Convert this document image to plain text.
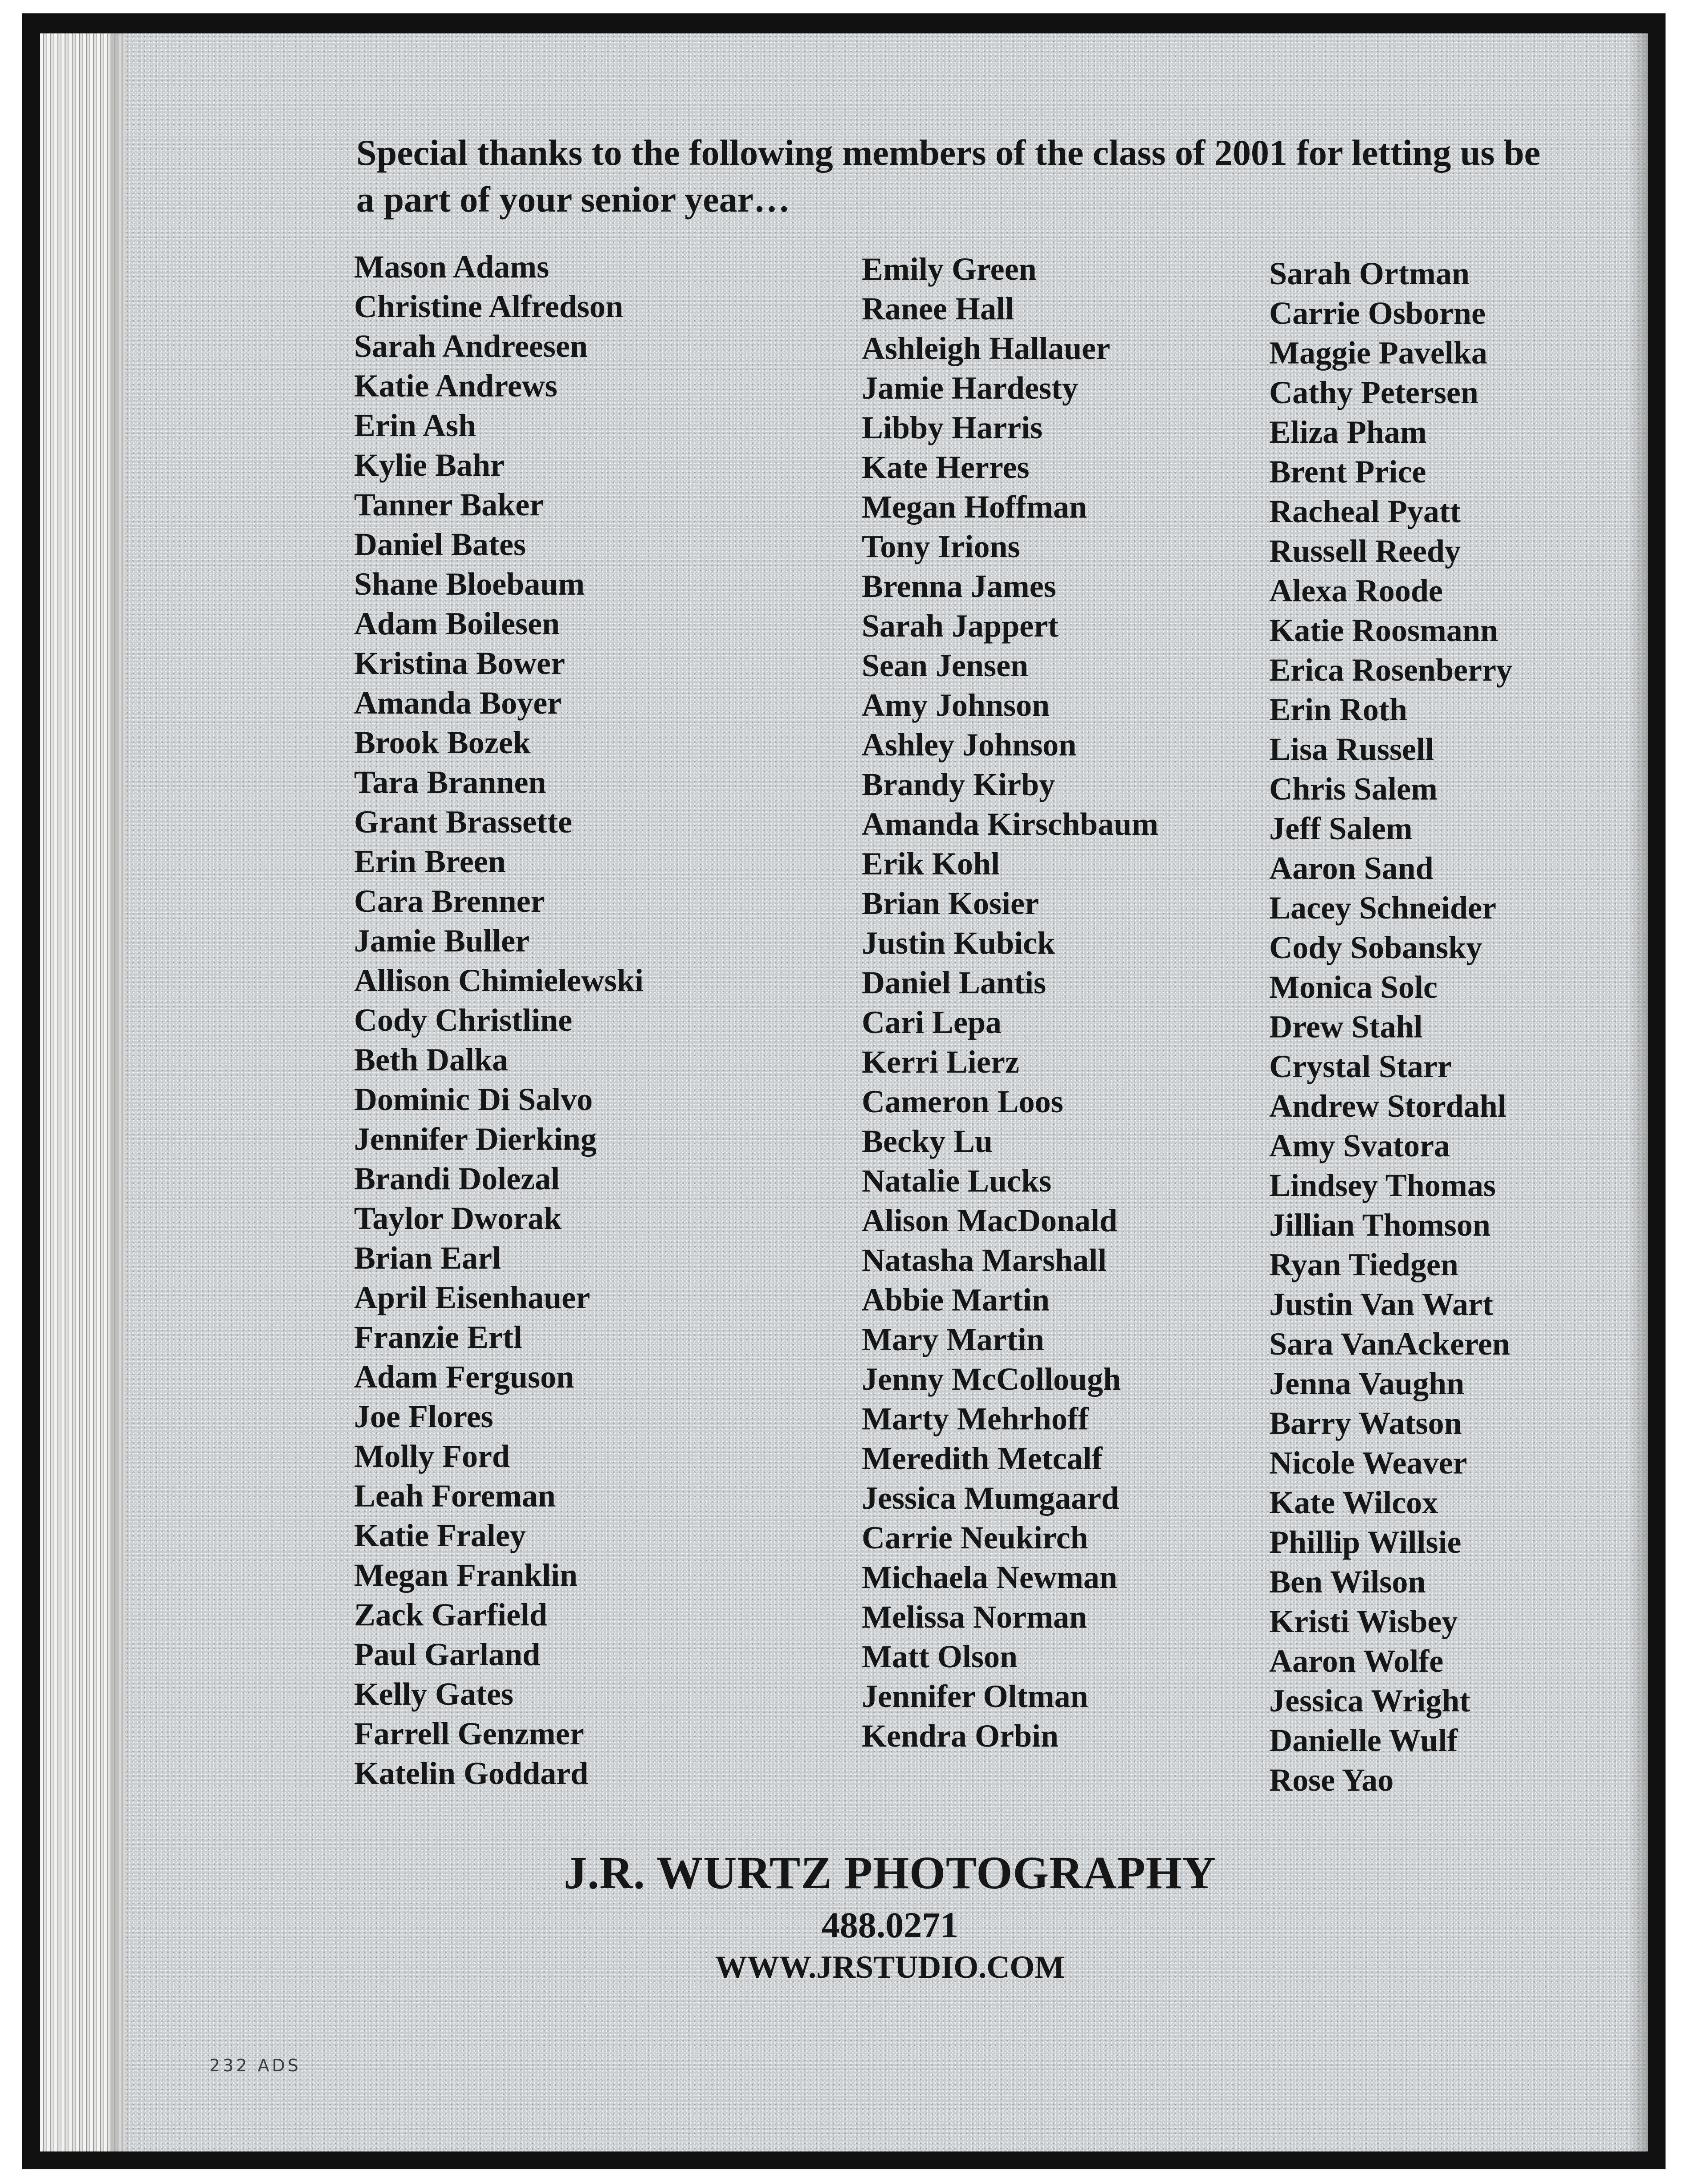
Special thanks to the following members of the class of 2001 for letting us be a part of your senior year…
Mason Adams
Christine Alfredson
Sarah Andreesen
Katie Andrews
Erin Ash
Kylie Bahr
Tanner Baker
Daniel Bates
Shane Bloebaum
Adam Boilesen
Kristina Bower
Amanda Boyer
Brook Bozek
Tara Brannen
Grant Brassette
Erin Breen
Cara Brenner
Jamie Buller
Allison Chimielewski
Cody Christline
Beth Dalka
Dominic Di Salvo
Jennifer Dierking
Brandi Dolezal
Taylor Dworak
Brian Earl
April Eisenhauer
Franzie Ertl
Adam Ferguson
Joe Flores
Molly Ford
Leah Foreman
Katie Fraley
Megan Franklin
Zack Garfield
Paul Garland
Kelly Gates
Farrell Genzmer
Katelin Goddard
Emily Green
Ranee Hall
Ashleigh Hallauer
Jamie Hardesty
Libby Harris
Kate Herres
Megan Hoffman
Tony Irions
Brenna James
Sarah Jappert
Sean Jensen
Amy Johnson
Ashley Johnson
Brandy Kirby
Amanda Kirschbaum
Erik Kohl
Brian Kosier
Justin Kubick
Daniel Lantis
Cari Lepa
Kerri Lierz
Cameron Loos
Becky Lu
Natalie Lucks
Alison MacDonald
Natasha Marshall
Abbie Martin
Mary Martin
Jenny McCollough
Marty Mehrhoff
Meredith Metcalf
Jessica Mumgaard
Carrie Neukirch
Michaela Newman
Melissa Norman
Matt Olson
Jennifer Oltman
Kendra Orbin
Sarah Ortman
Carrie Osborne
Maggie Pavelka
Cathy Petersen
Eliza Pham
Brent Price
Racheal Pyatt
Russell Reedy
Alexa Roode
Katie Roosmann
Erica Rosenberry
Erin Roth
Lisa Russell
Chris Salem
Jeff Salem
Aaron Sand
Lacey Schneider
Cody Sobansky
Monica Solc
Drew Stahl
Crystal Starr
Andrew Stordahl
Amy Svatora
Lindsey Thomas
Jillian Thomson
Ryan Tiedgen
Justin Van Wart
Sara VanAckeren
Jenna Vaughn
Barry Watson
Nicole Weaver
Kate Wilcox
Phillip Willsie
Ben Wilson
Kristi Wisbey
Aaron Wolfe
Jessica Wright
Danielle Wulf
Rose Yao
J.R. WURTZ PHOTOGRAPHY
488.0271
WWW.JRSTUDIO.COM
232 ADS
